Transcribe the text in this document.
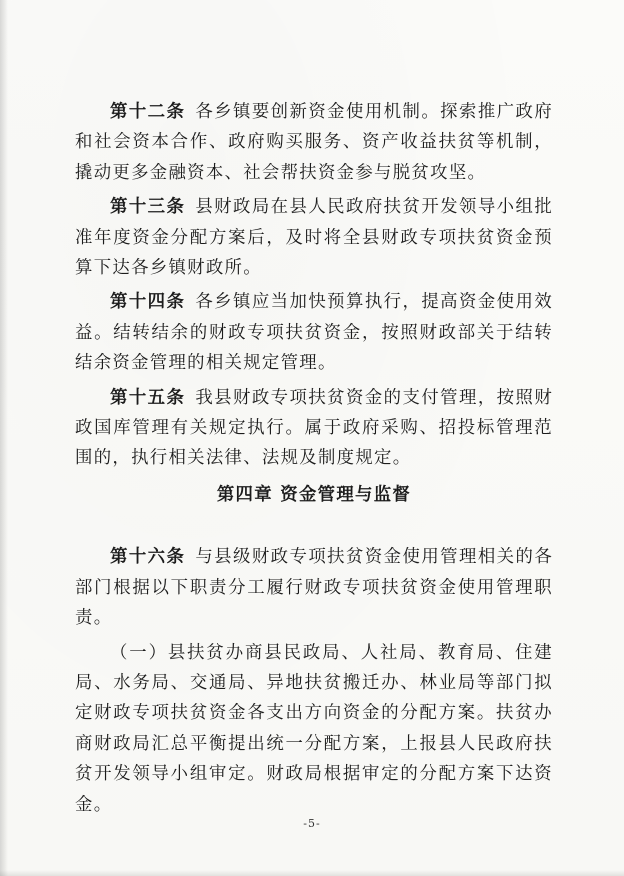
第十二条 各乡镇要创新资金使用机制。探索推广政府和社会资本合作、政府购买服务、资产收益扶贫等机制，撬动更多金融资本、社会帮扶资金参与脱贫攻坚。

第十三条 县财政局在县人民政府扶贫开发领导小组批准年度资金分配方案后，及时将全县财政专项扶贫资金预算下达各乡镇财政所。

第十四条 各乡镇应当加快预算执行，提高资金使用效益。结转结余的财政专项扶贫资金，按照财政部关于结转结余资金管理的相关规定管理。

第十五条 我县财政专项扶贫资金的支付管理，按照财政国库管理有关规定执行。属于政府采购、招投标管理范围的，执行相关法律、法规及制度规定。

第四章 资金管理与监督

第十六条 与县级财政专项扶贫资金使用管理相关的各部门根据以下职责分工履行财政专项扶贫资金使用管理职责。

（一）县扶贫办商县民政局、人社局、教育局、住建局、水务局、交通局、异地扶贫搬迁办、林业局等部门拟定财政专项扶贫资金各支出方向资金的分配方案。扶贫办商财政局汇总平衡提出统一分配方案，上报县人民政府扶贫开发领导小组审定。财政局根据审定的分配方案下达资金。

-5-
